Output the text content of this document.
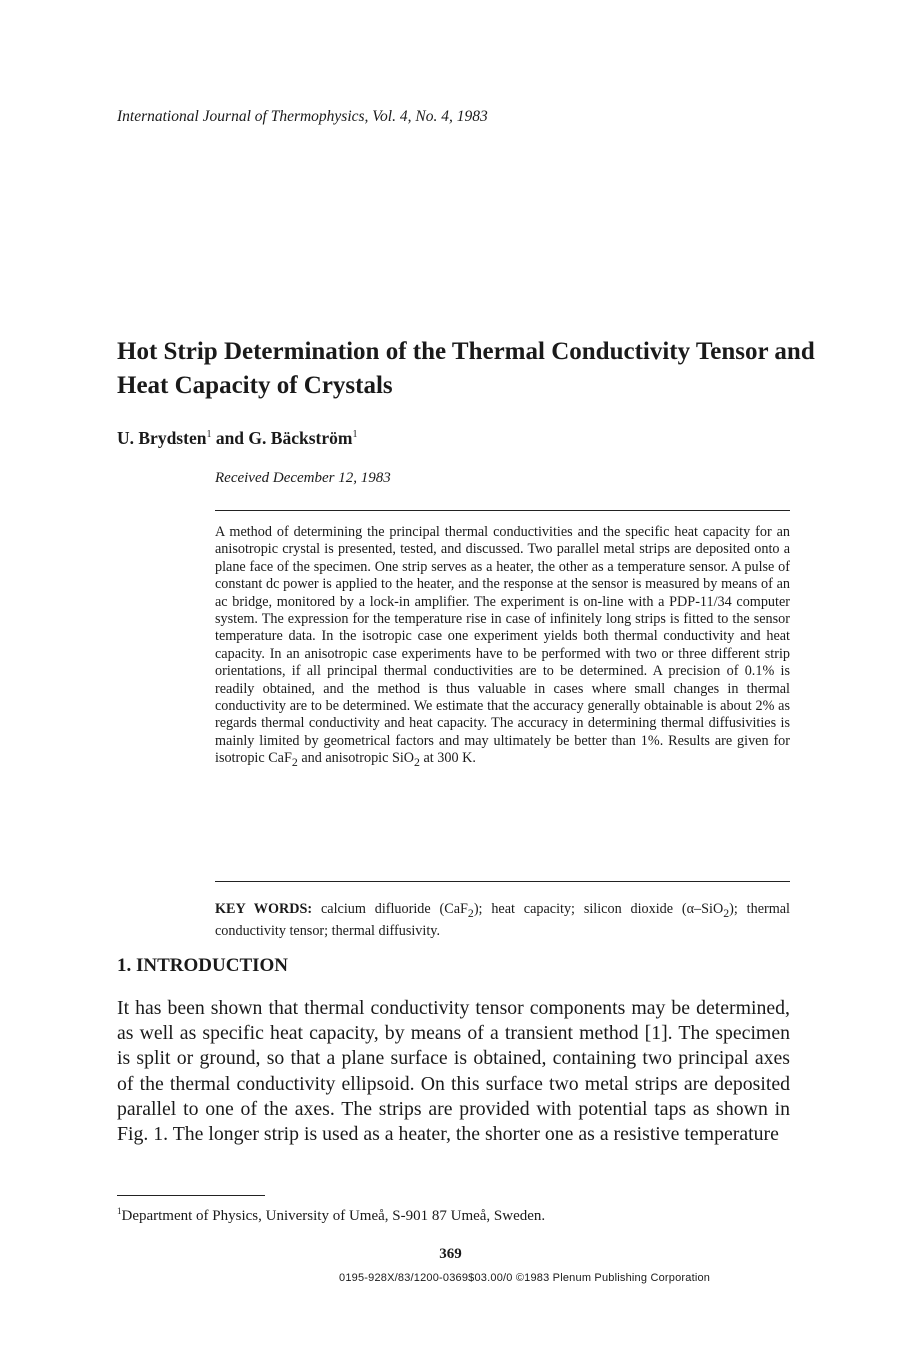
International Journal of Thermophysics, Vol. 4, No. 4, 1983
Hot Strip Determination of the Thermal Conductivity Tensor and Heat Capacity of Crystals
U. Brydsten$^1$ and G. Bäckström$^1$
Received December 12, 1983

A method of determining the principal thermal conductivities and the specific heat capacity for an anisotropic crystal is presented, tested, and discussed. Two parallel metal strips are deposited onto a plane face of the specimen. One strip serves as a heater, the other as a temperature sensor. A pulse of constant dc power is applied to the heater, and the response at the sensor is measured by means of an ac bridge, monitored by a lock-in amplifier. The experiment is on-line with a PDP-11/34 computer system. The expression for the temperature rise in case of infinitely long strips is fitted to the sensor temperature data. In the isotropic case one experiment yields both thermal conductivity and heat capacity. In an anisotropic case experiments have to be performed with two or three different strip orientations, if all principal thermal conductivities are to be determined. A precision of 0.1% is readily obtained, and the method is thus valuable in cases where small changes in thermal conductivity are to be determined. We estimate that the accuracy generally obtainable is about 2% as regards thermal conductivity and heat capacity. The accuracy in determining thermal diffusivities is mainly limited by geometrical factors and may ultimately be better than 1%. Results are given for isotropic CaF$_2$ and anisotropic SiO$_2$ at 300 K.

KEY WORDS: calcium difluoride (CaF$_2$); heat capacity; silicon dioxide (α–SiO$_2$); thermal conductivity tensor; thermal diffusivity.
1. INTRODUCTION

It has been shown that thermal conductivity tensor components may be determined, as well as specific heat capacity, by means of a transient method [1]. The specimen is split or ground, so that a plane surface is obtained, containing two principal axes of the thermal conductivity ellipsoid. On this surface two metal strips are deposited parallel to one of the axes. The strips are provided with potential taps as shown in Fig. 1. The longer strip is used as a heater, the shorter one as a resistive temperature

$^1$Department of Physics, University of Umeå, S-901 87 Umeå, Sweden.
369
0195-928X/83/1200-0369$03.00/0 ©1983 Plenum Publishing Corporation
